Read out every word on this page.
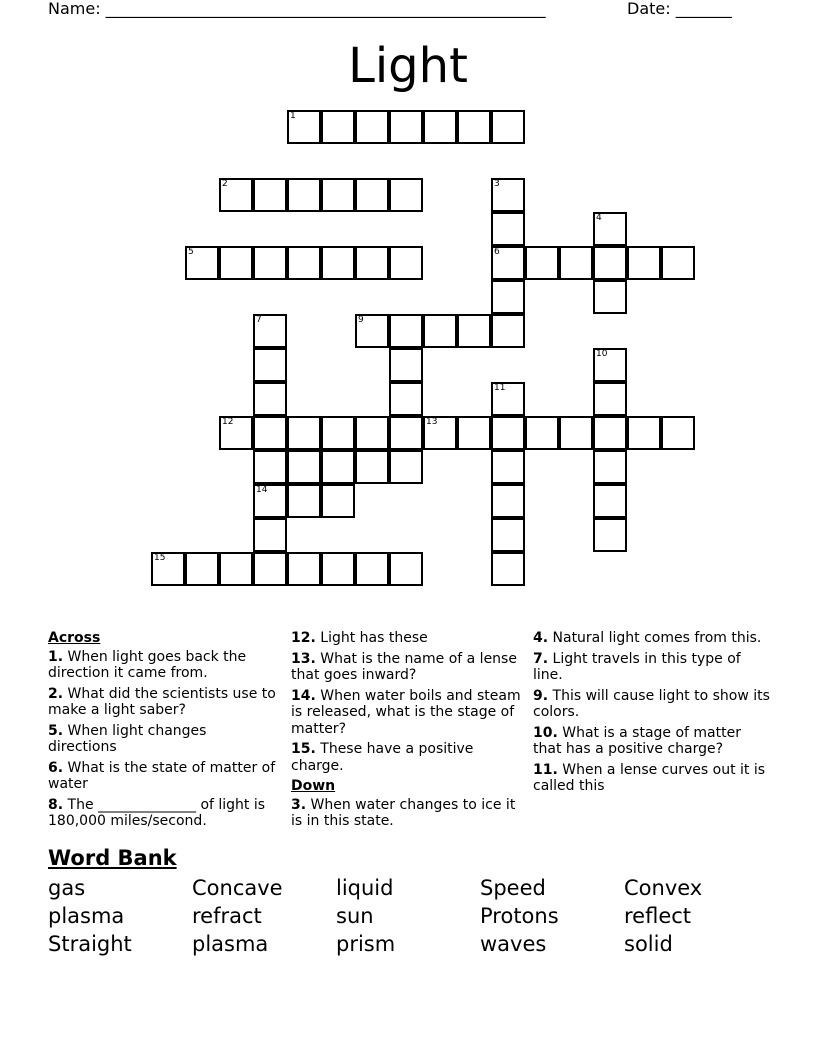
Name: _______________________________________________________	Date: _______
Light
1
2
5
3
6
4
9
7
14
12
10
11
13
15
Across
1. When light goes back the direction it came from.
2. What did the scientists use to make a light saber?
5. When light changes directions
6. What is the state of matter of water
8. The ______________ of light is 180,000 miles/second.
12. Light has these
13. What is the name of a lense that goes inward?
14. When water boils and steam is released, what is the stage of matter?
15. These have a positive charge.
Down
3. When water changes to ice it is in this state.
4. Natural light comes from this.
7. Light travels in this type of line.
9. This will cause light to show its colors.
10. What is a stage of matter that has a positive charge?
11. When a lense curves out it is called this
Word Bank
gas	Concave	liquid	Speed	Convex
plasma	refract	sun	Protons	reflect
Straight	plasma	prism	waves	solid
